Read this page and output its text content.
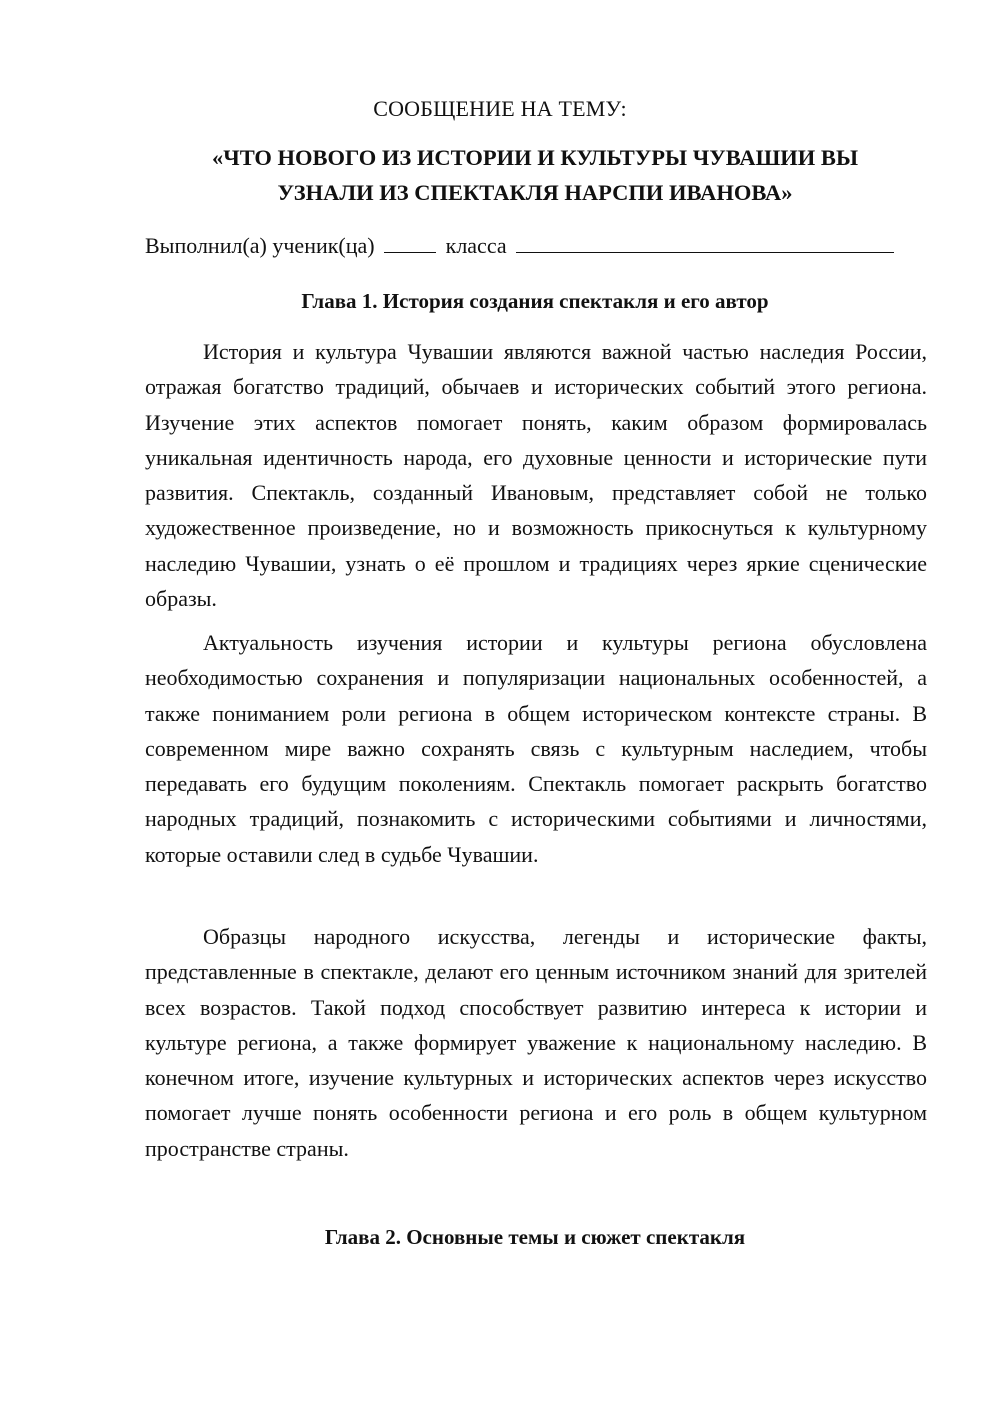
СООБЩЕНИЕ НА ТЕМУ:
«ЧТО НОВОГО ИЗ ИСТОРИИ И КУЛЬТУРЫ ЧУВАШИИ ВЫ
УЗНАЛИ ИЗ СПЕКТАКЛЯ НАРСПИ ИВАНОВА»
Выполнил(а) ученик(ца)	класса
Глава 1. История создания спектакля и его автор

История и культура Чувашии являются важной частью наследия России, отражая богатство традиций, обычаев и исторических событий этого региона. Изучение этих аспектов помогает понять, каким образом формировалась уникальная идентичность народа, его духовные ценности и исторические пути развития. Спектакль, созданный Ивановым, представляет собой не только художественное произведение, но и возможность прикоснуться к культурному наследию Чувашии, узнать о её прошлом и традициях через яркие сценические образы.

Актуальность изучения истории и культуры региона обусловлена необходимостью сохранения и популяризации национальных особенностей, а также пониманием роли региона в общем историческом контексте страны. В современном мире важно сохранять связь с культурным наследием, чтобы передавать его будущим поколениям. Спектакль помогает раскрыть богатство народных традиций, познакомить с историческими событиями и личностями, которые оставили след в судьбе Чувашии.

Образцы народного искусства, легенды и исторические факты, представленные в спектакле, делают его ценным источником знаний для зрителей всех возрастов. Такой подход способствует развитию интереса к истории и культуре региона, а также формирует уважение к национальному наследию. В конечном итоге, изучение культурных и исторических аспектов через искусство помогает лучше понять особенности региона и его роль в общем культурном пространстве страны.

Глава 2. Основные темы и сюжет спектакля
